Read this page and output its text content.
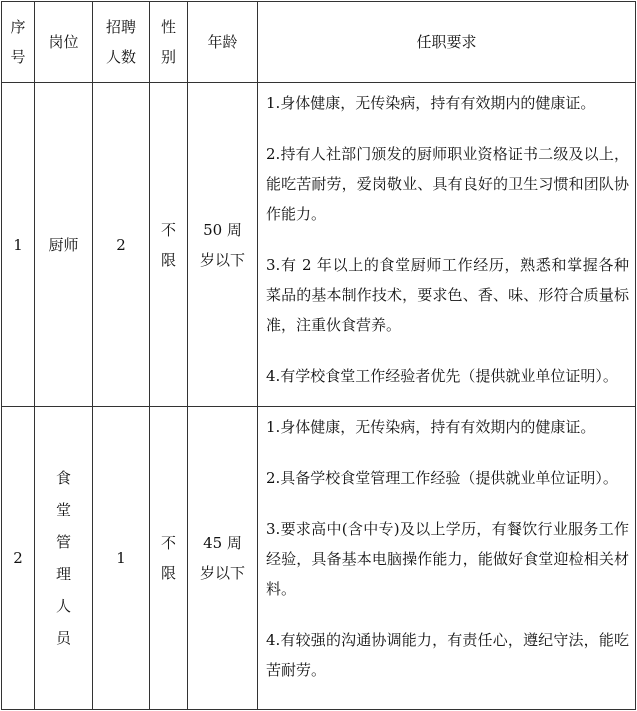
序号	岗位	招聘人数	性别	年龄	任职要求
1	厨师	2	不限	50 周岁以下	1.身体健康，无传染病，持有有效期内的健康证。

2.持有人社部门颁发的厨师职业资格证书二级及以上，能吃苦耐劳，爱岗敬业、具有良好的卫生习惯和团队协作能力。

3.有 2 年以上的食堂厨师工作经历，熟悉和掌握各种菜品的基本制作技术，要求色、香、味、形符合质量标准，注重伙食营养。

4.有学校食堂工作经验者优先（提供就业单位证明）。

2	食堂管理人员	1	不限	45 周岁以下	1.身体健康，无传染病，持有有效期内的健康证。

2.具备学校食堂管理工作经验（提供就业单位证明）。

3.要求高中(含中专)及以上学历，有餐饮行业服务工作经验，具备基本电脑操作能力，能做好食堂迎检相关材料。

4.有较强的沟通协调能力，有责任心，遵纪守法，能吃苦耐劳。
